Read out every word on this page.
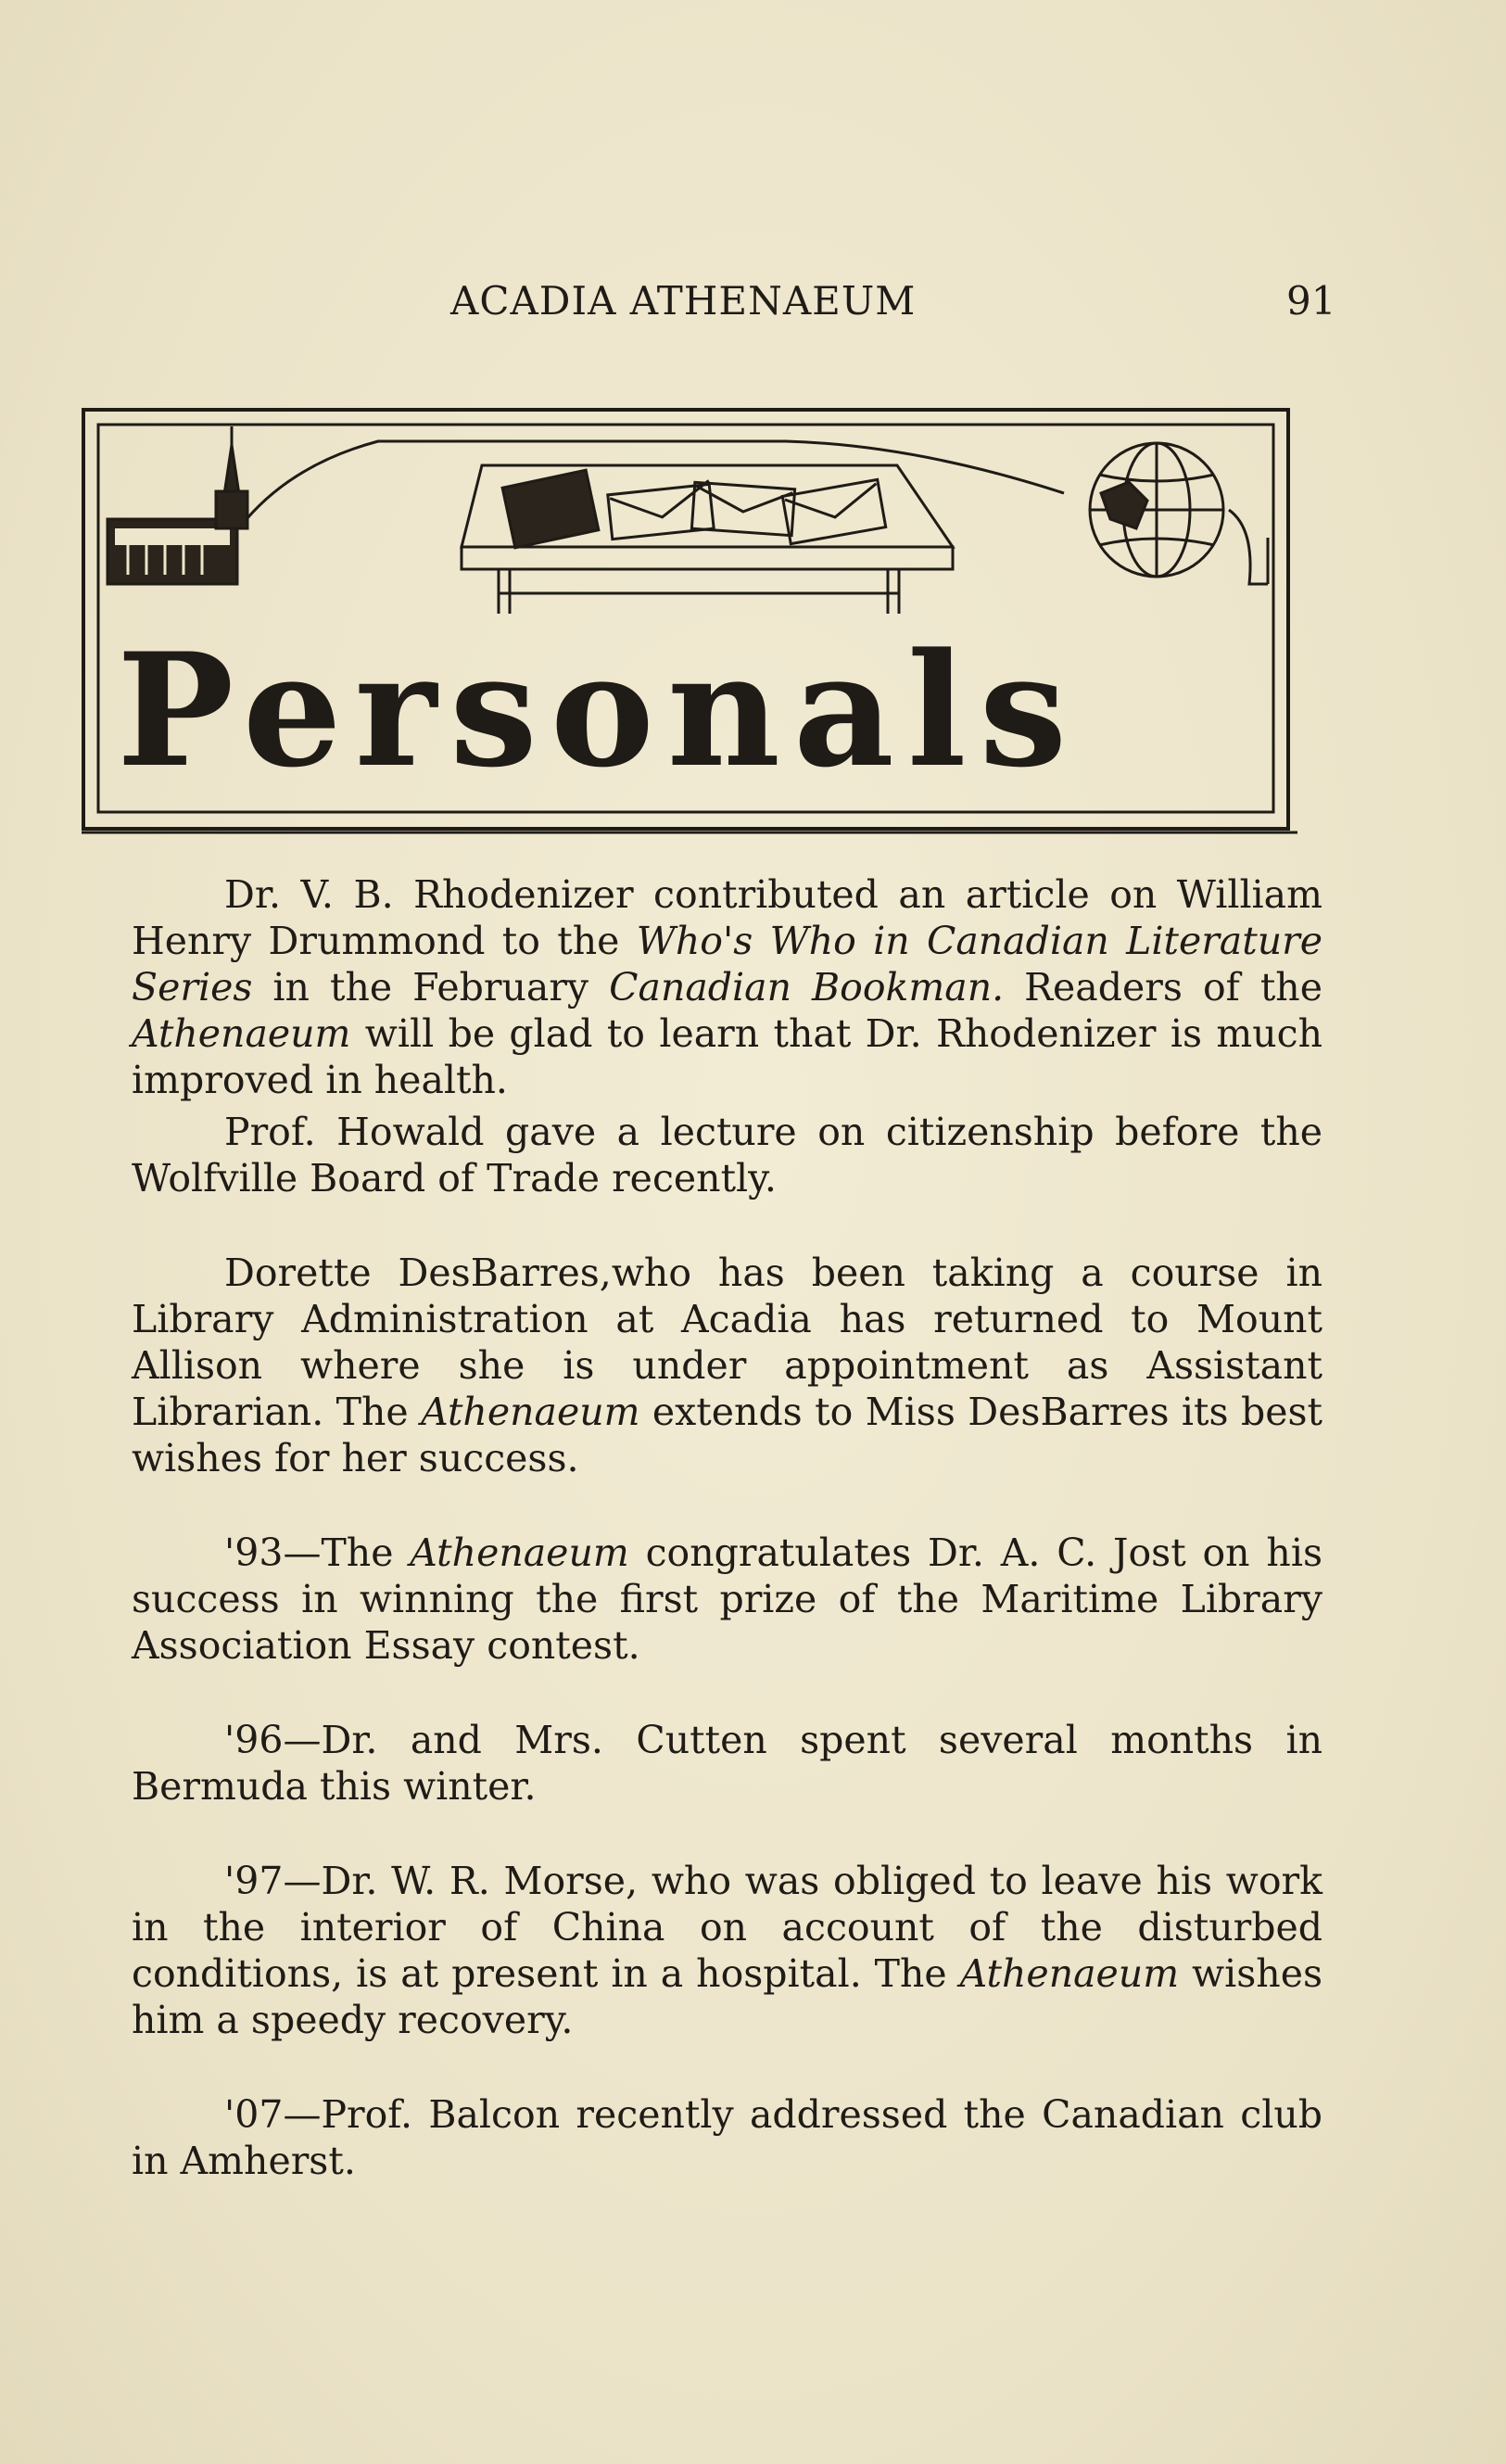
ACADIA ATHENAEUM	91
Personals

Dr. V. B. Rhodenizer contributed an article on William Henry Drummond to the Who's Who in Canadian Literature Series in the February Canadian Bookman. Readers of the Athenaeum will be glad to learn that Dr. Rhodenizer is much improved in health.

Prof. Howald gave a lecture on citizenship before the Wolfville Board of Trade recently.

Dorette DesBarres,who has been taking a course in Library Administration at Acadia has returned to Mount Allison where she is under appointment as Assistant Librarian. The Athenaeum extends to Miss DesBarres its best wishes for her success.

'93—The Athenaeum congratulates Dr. A. C. Jost on his success in winning the first prize of the Maritime Library Association Essay contest.

'96—Dr. and Mrs. Cutten spent several months in Bermuda this winter.

'97—Dr. W. R. Morse, who was obliged to leave his work in the interior of China on account of the disturbed conditions, is at present in a hospital. The Athenaeum wishes him a speedy recovery.

'07—Prof. Balcon recently addressed the Canadian club in Amherst.
